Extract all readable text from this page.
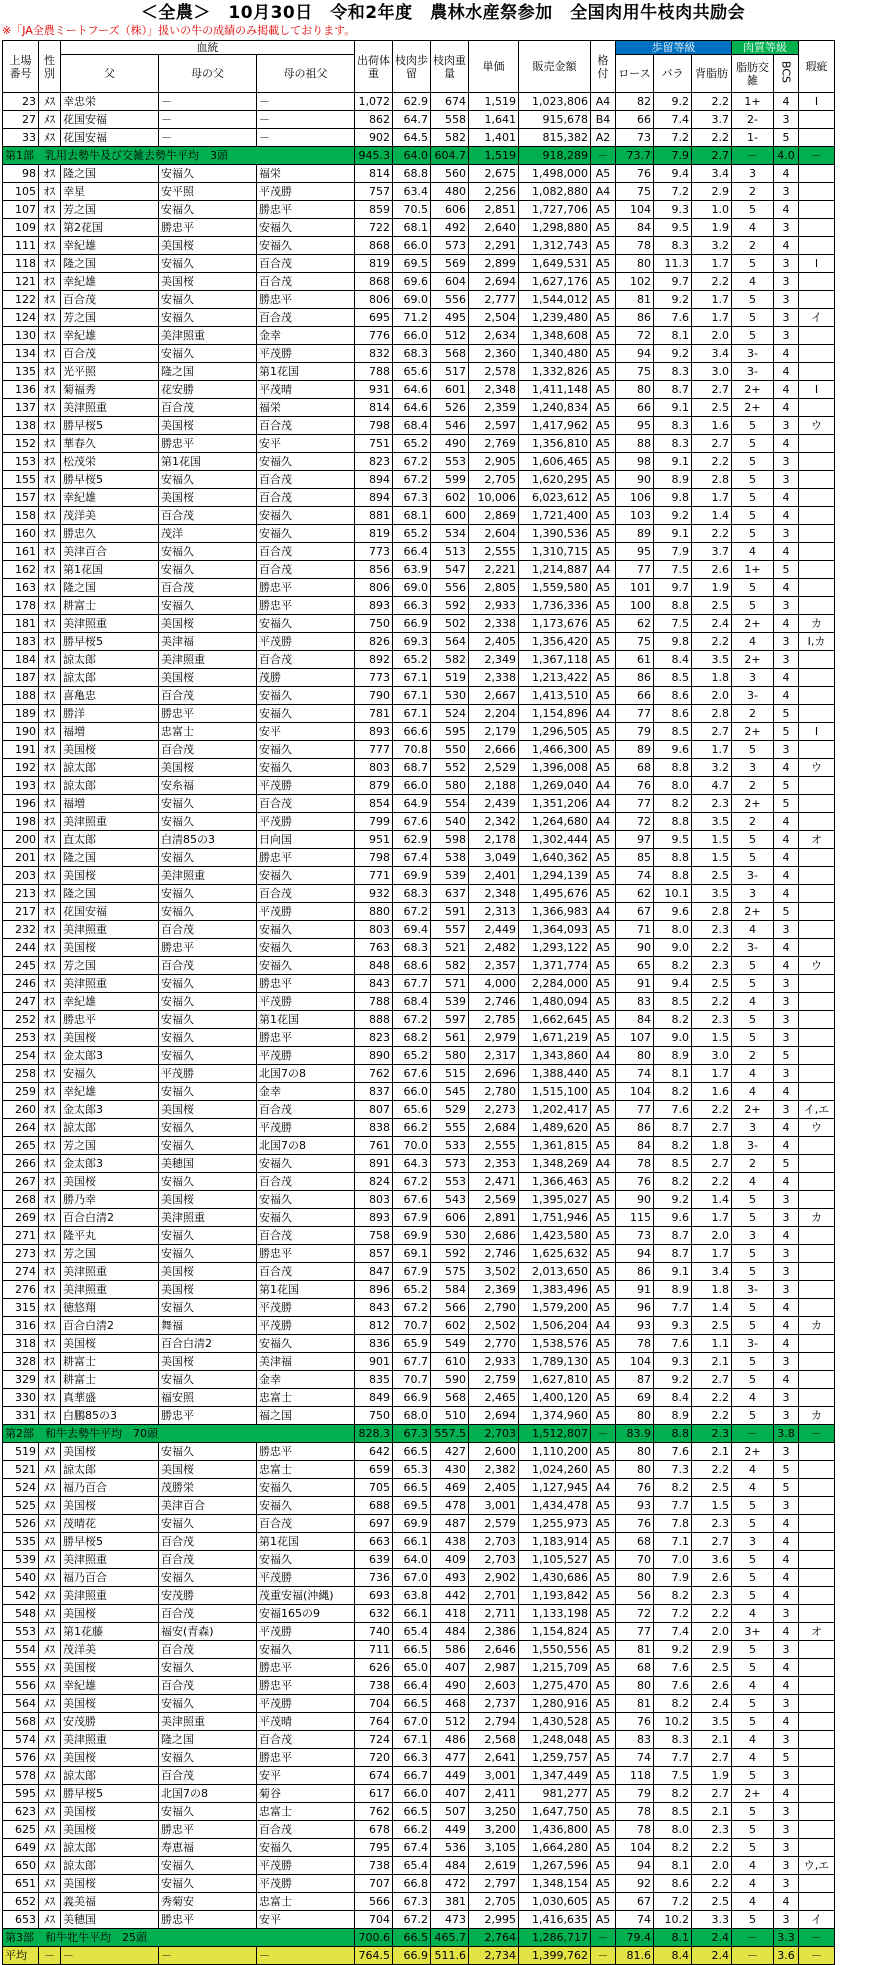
＜全農＞　10月30日　令和2年度　農林水産祭参加　全国肉用牛枝肉共励会
※「JA全農ミートフーズ（株）」扱いの牛の成績のみ掲載しております。
上場番号	性別	血統			出荷体重	枝肉歩留	枝肉重量	単価	販売金額	格付	歩留等級			肉質等級		瑕疵
		父	母の父	母の祖父							ロース	バラ	背脂肪	脂肪交雑	BCS	

23	ﾒｽ	幸忠栄	－	－	1,072	62.9	674	1,519	1,023,806	A4	82	9.2	2.2	1+	4	Ⅰ
27	ﾒｽ	花国安福	－	－	862	64.7	558	1,641	915,678	B4	66	7.4	3.7	2-	3	
33	ﾒｽ	花国安福	－	－	902	64.5	582	1,401	815,382	A2	73	7.2	2.2	1-	5	
第1部　乳用去勢牛及び交雑去勢牛平均　3頭					945.3	64.0	604.7	1,519	918,289	－	73.7	7.9	2.7	－	4.0	－
98	ｵｽ	隆之国	安福久	福栄	814	68.8	560	2,675	1,498,000	A5	76	9.4	3.4	3	4	
105	ｵｽ	幸星	安平照	平茂勝	757	63.4	480	2,256	1,082,880	A4	75	7.2	2.9	2	3	
107	ｵｽ	芳之国	安福久	勝忠平	859	70.5	606	2,851	1,727,706	A5	104	9.3	1.0	5	4	
109	ｵｽ	第2花国	勝忠平	安福久	722	68.1	492	2,640	1,298,880	A5	84	9.5	1.9	4	3	
111	ｵｽ	幸紀雄	美国桜	安福久	868	66.0	573	2,291	1,312,743	A5	78	8.3	3.2	2	4	
118	ｵｽ	隆之国	安福久	百合茂	819	69.5	569	2,899	1,649,531	A5	80	11.3	1.7	5	3	Ⅰ
121	ｵｽ	幸紀雄	美国桜	百合茂	868	69.6	604	2,694	1,627,176	A5	102	9.7	2.2	4	3	
122	ｵｽ	百合茂	安福久	勝忠平	806	69.0	556	2,777	1,544,012	A5	81	9.2	1.7	5	3	
124	ｵｽ	芳之国	安福久	百合茂	695	71.2	495	2,504	1,239,480	A5	86	7.6	1.7	5	3	イ
130	ｵｽ	幸紀雄	美津照重	金幸	776	66.0	512	2,634	1,348,608	A5	72	8.1	2.0	5	3	
134	ｵｽ	百合茂	安福久	平茂勝	832	68.3	568	2,360	1,340,480	A5	94	9.2	3.4	3-	4	
135	ｵｽ	光平照	隆之国	第1花国	788	65.6	517	2,578	1,332,826	A5	75	8.3	3.0	3-	4	
136	ｵｽ	菊福秀	花安勝	平茂晴	931	64.6	601	2,348	1,411,148	A5	80	8.7	2.7	2+	4	Ⅰ
137	ｵｽ	美津照重	百合茂	福栄	814	64.6	526	2,359	1,240,834	A5	66	9.1	2.5	2+	4	
138	ｵｽ	勝早桜5	美国桜	百合茂	798	68.4	546	2,597	1,417,962	A5	95	8.3	1.6	5	3	ウ
152	ｵｽ	華春久	勝忠平	安平	751	65.2	490	2,769	1,356,810	A5	88	8.3	2.7	5	4	
153	ｵｽ	松茂栄	第1花国	安福久	823	67.2	553	2,905	1,606,465	A5	98	9.1	2.2	5	3	
155	ｵｽ	勝早桜5	安福久	百合茂	894	67.2	599	2,705	1,620,295	A5	90	8.9	2.8	5	3	
157	ｵｽ	幸紀雄	美国桜	百合茂	894	67.3	602	10,006	6,023,612	A5	106	9.8	1.7	5	4	
158	ｵｽ	茂洋美	百合茂	安福久	881	68.1	600	2,869	1,721,400	A5	103	9.2	1.4	5	4	
160	ｵｽ	勝忠久	茂洋	安福久	819	65.2	534	2,604	1,390,536	A5	89	9.1	2.2	5	3	
161	ｵｽ	美津百合	安福久	百合茂	773	66.4	513	2,555	1,310,715	A5	95	7.9	3.7	4	4	
162	ｵｽ	第1花国	安福久	百合茂	856	63.9	547	2,221	1,214,887	A4	77	7.5	2.6	1+	5	
163	ｵｽ	隆之国	百合茂	勝忠平	806	69.0	556	2,805	1,559,580	A5	101	9.7	1.9	5	4	
178	ｵｽ	耕富士	安福久	勝忠平	893	66.3	592	2,933	1,736,336	A5	100	8.8	2.5	5	3	
181	ｵｽ	美津照重	美国桜	安福久	750	66.9	502	2,338	1,173,676	A5	62	7.5	2.4	2+	4	カ
183	ｵｽ	勝早桜5	美津福	平茂勝	826	69.3	564	2,405	1,356,420	A5	75	9.8	2.2	4	3	Ⅰ,カ
184	ｵｽ	諒太郎	美津照重	百合茂	892	65.2	582	2,349	1,367,118	A5	61	8.4	3.5	2+	3	
187	ｵｽ	諒太郎	美国桜	茂勝	773	67.1	519	2,338	1,213,422	A5	86	8.5	1.8	3	4	
188	ｵｽ	喜亀忠	百合茂	安福久	790	67.1	530	2,667	1,413,510	A5	66	8.6	2.0	3-	4	
189	ｵｽ	勝洋	勝忠平	安福久	781	67.1	524	2,204	1,154,896	A4	77	8.6	2.8	2	5	
190	ｵｽ	福増	忠富士	安平	893	66.6	595	2,179	1,296,505	A5	79	8.5	2.7	2+	5	Ⅰ
191	ｵｽ	美国桜	百合茂	安福久	777	70.8	550	2,666	1,466,300	A5	89	9.6	1.7	5	3	
192	ｵｽ	諒太郎	美国桜	安福久	803	68.7	552	2,529	1,396,008	A5	68	8.8	3.2	3	4	ウ
193	ｵｽ	諒太郎	安糸福	平茂勝	879	66.0	580	2,188	1,269,040	A4	76	8.0	4.7	2	5	
196	ｵｽ	福増	安福久	百合茂	854	64.9	554	2,439	1,351,206	A4	77	8.2	2.3	2+	5	
198	ｵｽ	美津照重	安福久	平茂勝	799	67.6	540	2,342	1,264,680	A4	72	8.8	3.5	2	4	
200	ｵｽ	直太郎	白清85の3	日向国	951	62.9	598	2,178	1,302,444	A5	97	9.5	1.5	5	4	オ
201	ｵｽ	隆之国	安福久	勝忠平	798	67.4	538	3,049	1,640,362	A5	85	8.8	1.5	5	4	
203	ｵｽ	美国桜	美津照重	安福久	771	69.9	539	2,401	1,294,139	A5	74	8.8	2.5	3-	4	
213	ｵｽ	隆之国	安福久	百合茂	932	68.3	637	2,348	1,495,676	A5	62	10.1	3.5	3	4	
217	ｵｽ	花国安福	安福久	平茂勝	880	67.2	591	2,313	1,366,983	A4	67	9.6	2.8	2+	5	
232	ｵｽ	美津照重	百合茂	安福久	803	69.4	557	2,449	1,364,093	A5	71	8.0	2.3	4	3	
244	ｵｽ	美国桜	勝忠平	安福久	763	68.3	521	2,482	1,293,122	A5	90	9.0	2.2	3-	4	
245	ｵｽ	芳之国	百合茂	安福久	848	68.6	582	2,357	1,371,774	A5	65	8.2	2.3	5	4	ウ
246	ｵｽ	美津照重	安福久	勝忠平	843	67.7	571	4,000	2,284,000	A5	91	9.4	2.5	5	3	
247	ｵｽ	幸紀雄	安福久	平茂勝	788	68.4	539	2,746	1,480,094	A5	83	8.5	2.2	4	3	
252	ｵｽ	勝忠平	安福久	第1花国	888	67.2	597	2,785	1,662,645	A5	84	8.2	2.3	5	3	
253	ｵｽ	美国桜	安福久	勝忠平	823	68.2	561	2,979	1,671,219	A5	107	9.0	1.5	5	3	
254	ｵｽ	金太郎3	安福久	平茂勝	890	65.2	580	2,317	1,343,860	A4	80	8.9	3.0	2	5	
258	ｵｽ	安福久	平茂勝	北国7の8	762	67.6	515	2,696	1,388,440	A5	74	8.1	1.7	4	3	
259	ｵｽ	幸紀雄	安福久	金幸	837	66.0	545	2,780	1,515,100	A5	104	8.2	1.6	4	4	
260	ｵｽ	金太郎3	美国桜	百合茂	807	65.6	529	2,273	1,202,417	A5	77	7.6	2.2	2+	3	イ,エ
264	ｵｽ	諒太郎	安福久	平茂勝	838	66.2	555	2,684	1,489,620	A5	86	8.7	2.7	3	4	ウ
265	ｵｽ	芳之国	安福久	北国7の8	761	70.0	533	2,555	1,361,815	A5	84	8.2	1.8	3-	4	
266	ｵｽ	金太郎3	美穂国	安福久	891	64.3	573	2,353	1,348,269	A4	78	8.5	2.7	2	5	
267	ｵｽ	美国桜	安福久	百合茂	824	67.2	553	2,471	1,366,463	A5	76	8.2	2.2	4	4	
268	ｵｽ	勝乃幸	美国桜	安福久	803	67.6	543	2,569	1,395,027	A5	90	9.2	1.4	5	3	
269	ｵｽ	百合白清2	美津照重	安福久	893	67.9	606	2,891	1,751,946	A5	115	9.6	1.7	5	3	カ
271	ｵｽ	隆平丸	安福久	百合茂	758	69.9	530	2,686	1,423,580	A5	73	8.7	2.0	3	4	
273	ｵｽ	芳之国	安福久	勝忠平	857	69.1	592	2,746	1,625,632	A5	94	8.7	1.7	5	3	
274	ｵｽ	美津照重	美国桜	百合茂	847	67.9	575	3,502	2,013,650	A5	86	9.1	3.4	5	3	
276	ｵｽ	美津照重	美国桜	第1花国	896	65.2	584	2,369	1,383,496	A5	91	8.9	1.8	3-	3	
315	ｵｽ	徳悠翔	安福久	平茂勝	843	67.2	566	2,790	1,579,200	A5	96	7.7	1.4	5	4	
316	ｵｽ	百合白清2	舞福	平茂勝	812	70.7	602	2,502	1,506,204	A4	93	9.3	2.5	5	4	カ
318	ｵｽ	美国桜	百合白清2	安福久	836	65.9	549	2,770	1,538,576	A5	78	7.6	1.1	3-	4	
328	ｵｽ	耕富士	美国桜	美津福	901	67.7	610	2,933	1,789,130	A5	104	9.3	2.1	5	3	
329	ｵｽ	耕富士	安福久	金幸	835	70.7	590	2,759	1,627,810	A5	87	9.2	2.7	5	4	
330	ｵｽ	真華盛	福安照	忠富士	849	66.9	568	2,465	1,400,120	A5	69	8.4	2.2	4	3	
331	ｵｽ	白鵬85の3	勝忠平	福之国	750	68.0	510	2,694	1,374,960	A5	80	8.9	2.2	5	3	カ
第2部　和牛去勢牛平均　70頭					828.3	67.3	557.5	2,703	1,512,807	－	83.9	8.8	2.3	－	3.8	－
519	ﾒｽ	美国桜	安福久	勝忠平	642	66.5	427	2,600	1,110,200	A5	80	7.6	2.1	2+	3	
521	ﾒｽ	諒太郎	美国桜	忠富士	659	65.3	430	2,382	1,024,260	A5	80	7.3	2.2	4	5	
524	ﾒｽ	福乃百合	茂勝栄	安福久	705	66.5	469	2,405	1,127,945	A4	76	8.2	2.5	4	5	
525	ﾒｽ	美国桜	美津百合	安福久	688	69.5	478	3,001	1,434,478	A5	93	7.7	1.5	5	3	
526	ﾒｽ	茂晴花	安福久	百合茂	697	69.9	487	2,579	1,255,973	A5	76	7.8	2.3	5	4	
535	ﾒｽ	勝早桜5	百合茂	第1花国	663	66.1	438	2,703	1,183,914	A5	68	7.1	2.7	3	4	
539	ﾒｽ	美津照重	百合茂	安福久	639	64.0	409	2,703	1,105,527	A5	70	7.0	3.6	5	4	
540	ﾒｽ	福乃百合	安福久	平茂勝	736	67.0	493	2,902	1,430,686	A5	80	7.9	2.6	5	4	
542	ﾒｽ	美津照重	安茂勝	茂重安福(沖縄)	693	63.8	442	2,701	1,193,842	A5	56	8.2	2.3	5	4	
548	ﾒｽ	美国桜	百合茂	安福165の9	632	66.1	418	2,711	1,133,198	A5	72	7.2	2.2	4	3	
553	ﾒｽ	第1花藤	福安(青森)	平茂勝	740	65.4	484	2,386	1,154,824	A5	77	7.4	2.0	3+	4	オ
554	ﾒｽ	茂洋美	百合茂	安福久	711	66.5	586	2,646	1,550,556	A5	81	9.2	2.9	5	3	
555	ﾒｽ	美国桜	安福久	勝忠平	626	65.0	407	2,987	1,215,709	A5	68	7.6	2.5	5	4	
556	ﾒｽ	幸紀雄	百合茂	勝忠平	738	66.4	490	2,603	1,275,470	A5	80	7.6	2.6	4	4	
564	ﾒｽ	美国桜	安福久	平茂勝	704	66.5	468	2,737	1,280,916	A5	81	8.2	2.4	5	3	
568	ﾒｽ	安茂勝	美津照重	平茂晴	764	67.0	512	2,794	1,430,528	A5	76	10.2	3.5	5	4	
574	ﾒｽ	美津照重	隆之国	百合茂	724	67.1	486	2,568	1,248,048	A5	83	8.3	2.1	4	3	
576	ﾒｽ	美国桜	安福久	勝忠平	720	66.3	477	2,641	1,259,757	A5	74	7.7	2.7	4	5	
578	ﾒｽ	諒太郎	百合茂	安平	674	66.7	449	3,001	1,347,449	A5	118	7.5	1.9	5	3	
595	ﾒｽ	勝早桜5	北国7の8	菊谷	617	66.0	407	2,411	981,277	A5	79	8.2	2.7	2+	4	
623	ﾒｽ	美国桜	安福久	忠富士	762	66.5	507	3,250	1,647,750	A5	78	8.5	2.1	5	3	
625	ﾒｽ	美国桜	勝忠平	百合茂	678	66.2	449	3,200	1,436,800	A5	78	8.0	2.3	5	3	
649	ﾒｽ	諒太郎	寿恵福	安福久	795	67.4	536	3,105	1,664,280	A5	104	8.2	2.2	5	3	
650	ﾒｽ	諒太郎	安福久	平茂勝	738	65.4	484	2,619	1,267,596	A5	94	8.1	2.0	4	3	ウ,エ
651	ﾒｽ	美国桜	安福久	平茂勝	707	66.8	472	2,797	1,348,154	A5	92	8.6	2.2	4	3	
652	ﾒｽ	義美福	秀菊安	忠富士	566	67.3	381	2,705	1,030,605	A5	67	7.2	2.5	4	4	
653	ﾒｽ	美穂国	勝忠平	安平	704	67.2	473	2,995	1,416,635	A5	74	10.2	3.3	5	3	イ
第3部　和牛牝牛平均　25頭					700.6	66.5	465.7	2,764	1,286,717	－	79.4	8.1	2.4	－	3.3	－
平均	－	－	－	－	764.5	66.9	511.6	2,734	1,399,762	－	81.6	8.4	2.4	－	3.6	－
